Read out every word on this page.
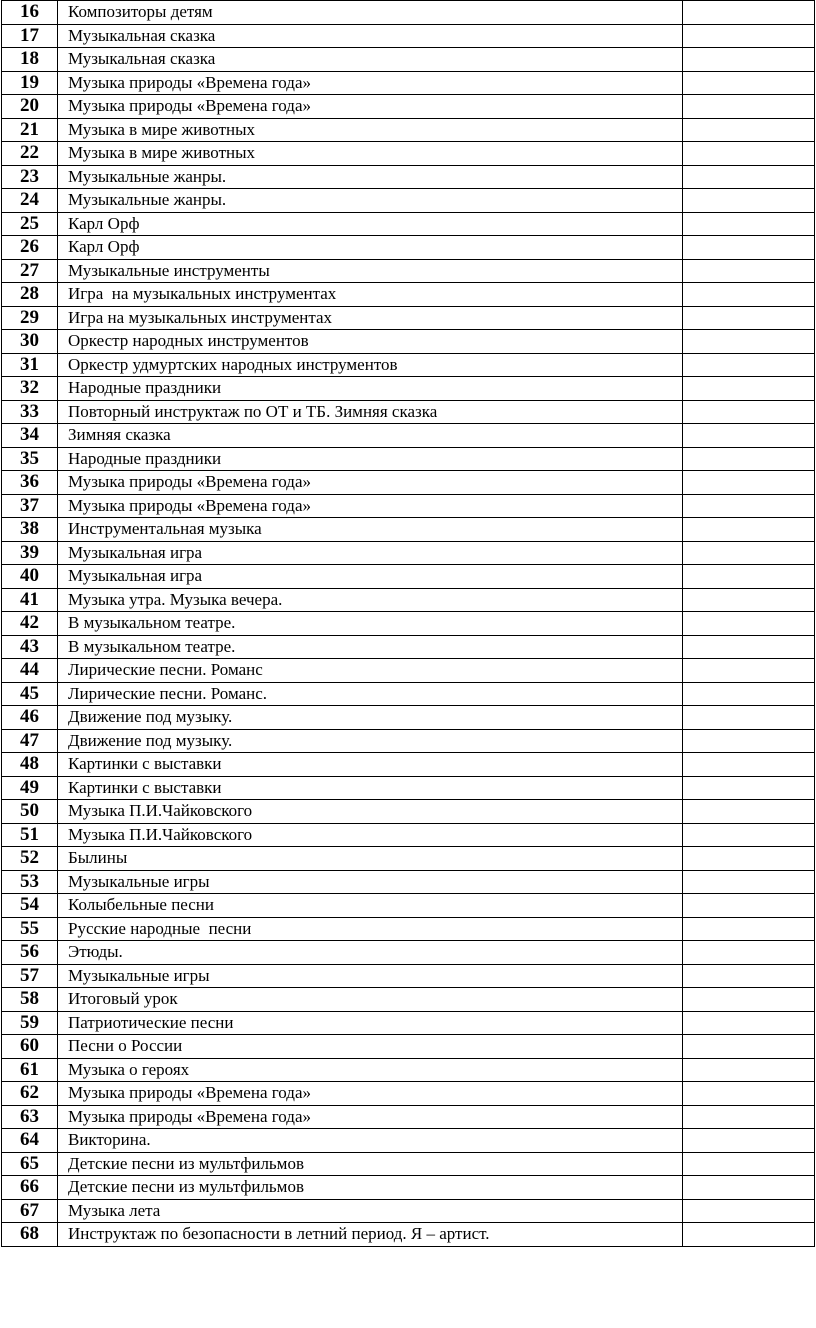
16	Композиторы детям	
17	Музыкальная сказка	
18	Музыкальная сказка	
19	Музыка природы «Времена года»	
20	Музыка природы «Времена года»	
21	Музыка в мире животных	
22	Музыка в мире животных	
23	Музыкальные жанры.	
24	Музыкальные жанры.	
25	Карл Орф	
26	Карл Орф	
27	Музыкальные инструменты	
28	Игра  на музыкальных инструментах	
29	Игра на музыкальных инструментах	
30	Оркестр народных инструментов	
31	Оркестр удмуртских народных инструментов	
32	Народные праздники	
33	Повторный инструктаж по ОТ и ТБ. Зимняя сказка	
34	Зимняя сказка	
35	Народные праздники	
36	Музыка природы «Времена года»	
37	Музыка природы «Времена года»	
38	Инструментальная музыка	
39	Музыкальная игра	
40	Музыкальная игра	
41	Музыка утра. Музыка вечера.	
42	В музыкальном театре.	
43	В музыкальном театре.	
44	Лирические песни. Романс	
45	Лирические песни. Романс.	
46	Движение под музыку.	
47	Движение под музыку.	
48	Картинки с выставки	
49	Картинки с выставки	
50	Музыка П.И.Чайковского	
51	Музыка П.И.Чайковского	
52	Былины	
53	Музыкальные игры	
54	Колыбельные песни	
55	Русские народные  песни	
56	Этюды.	
57	Музыкальные игры	
58	Итоговый урок	
59	Патриотические песни	
60	Песни о России	
61	Музыка о героях	
62	Музыка природы «Времена года»	
63	Музыка природы «Времена года»	
64	Викторина.	
65	Детские песни из мультфильмов	
66	Детские песни из мультфильмов	
67	Музыка лета	
68	Инструктаж по безопасности в летний период. Я – артист.	
